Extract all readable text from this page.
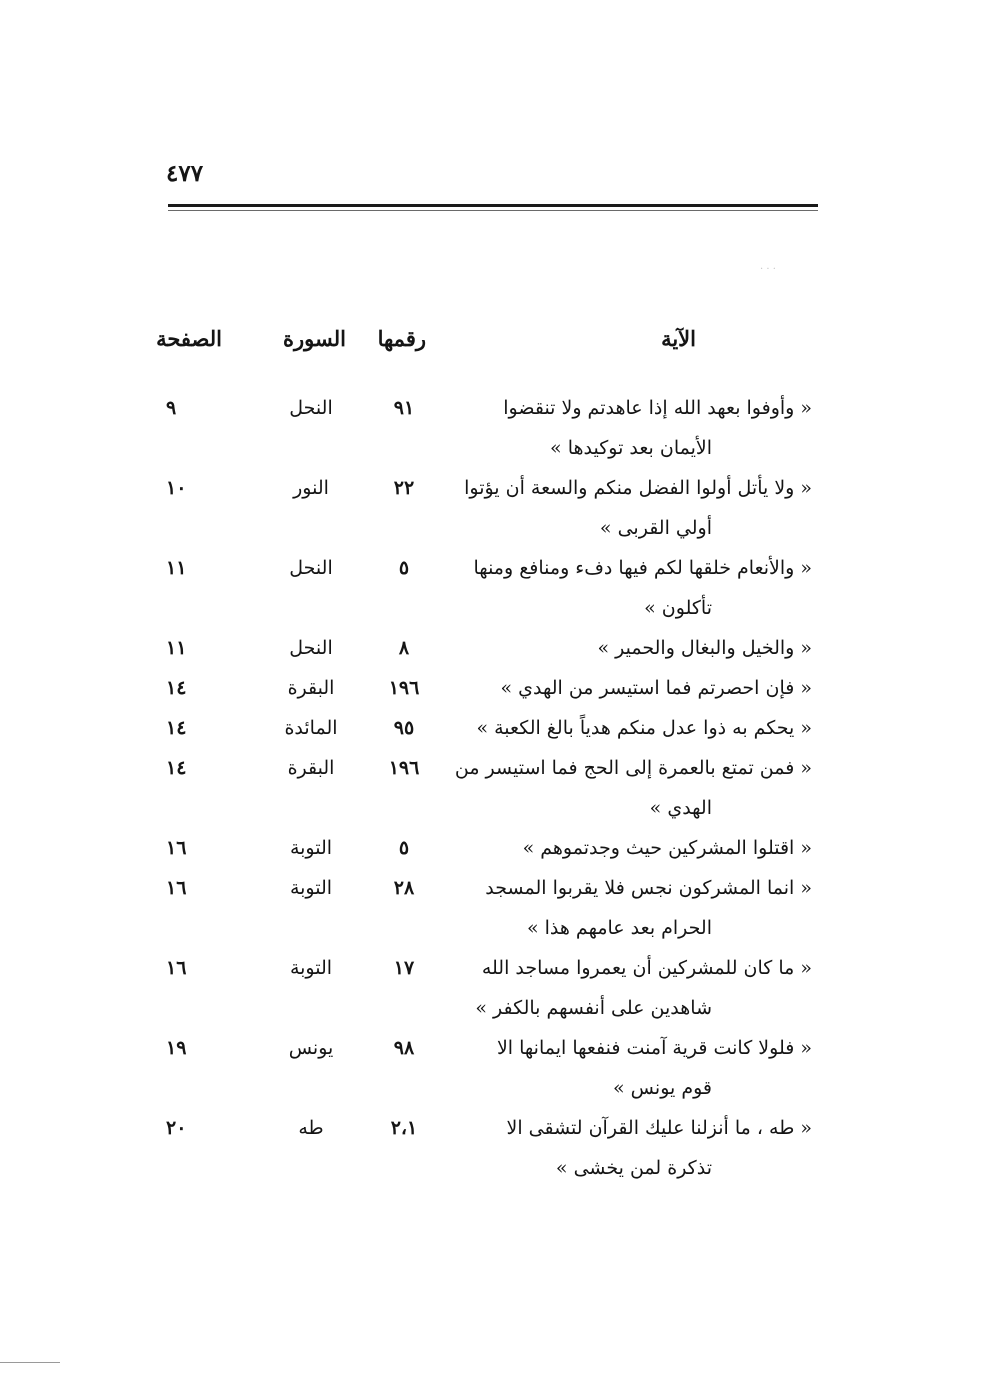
٤٧٧
· · ·
الآية
رقمها
السورة
الصفحة
« وأوفوا بعهد الله إذا عاهدتم ولا تنقضوا
الأيمان بعد توكيدها »
٩١
النحل
٩
« ولا يأتل أولوا الفضل منكم والسعة أن يؤتوا
أولي القربى »
٢٢
النور
١٠
« والأنعام خلقها لكم فيها دفء ومنافع ومنها
تأكلون »
٥
النحل
١١
« والخيل والبغال والحمير »
٨
النحل
١١
« فإن احصرتم فما استيسر من الهدي »
١٩٦
البقرة
١٤
« يحكم به ذوا عدل منكم هدياً بالغ الكعبة »
٩٥
المائدة
١٤
« فمن تمتع بالعمرة إلى الحج فما استيسر من
الهدي »
١٩٦
البقرة
١٤
« اقتلوا المشركين حيث وجدتموهم »
٥
التوبة
١٦
« انما المشركون نجس فلا يقربوا المسجد
الحرام بعد عامهم هذا »
٢٨
التوبة
١٦
« ما كان للمشركين أن يعمروا مساجد الله
شاهدين على أنفسهم بالكفر »
١٧
التوبة
١٦
« فلولا كانت قرية آمنت فنفعها ايمانها الا
قوم يونس »
٩٨
يونس
١٩
« طه ، ما أنزلنا عليك القرآن لتشقى الا
تذكرة لمن يخشى »
٢،١
طه
٢٠
